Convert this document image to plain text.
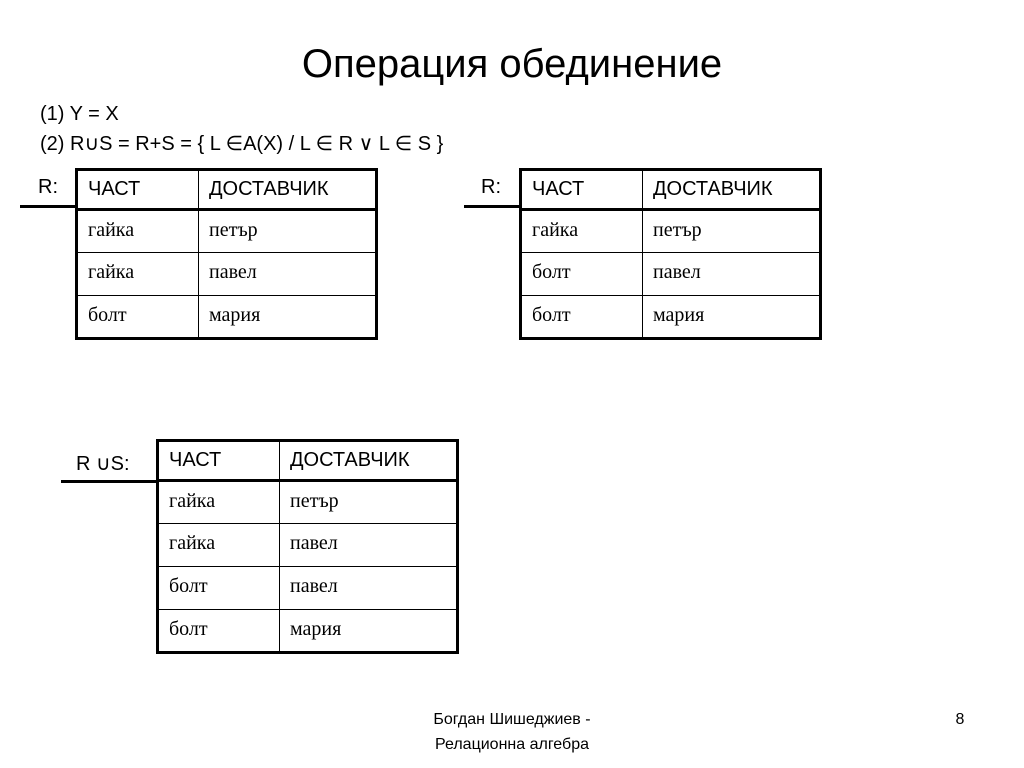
Операция обединение
(1) Y = X
(2) R∪S = R+S = { L ∈A(X) / L ∈ R ∨ L ∈ S }
R: ЧАСТ	ДОСТАВЧИК
гайка	петър
гайка	павел
болт	мария
R: ЧАСТ	ДОСТАВЧИК
гайка	петър
болт	павел
болт	мария
R ∪S: ЧАСТ	ДОСТАВЧИК
гайка	петър
гайка	павел
болт	павел
болт	мария
Богдан Шишеджиев -
Релационна алгебра
8
